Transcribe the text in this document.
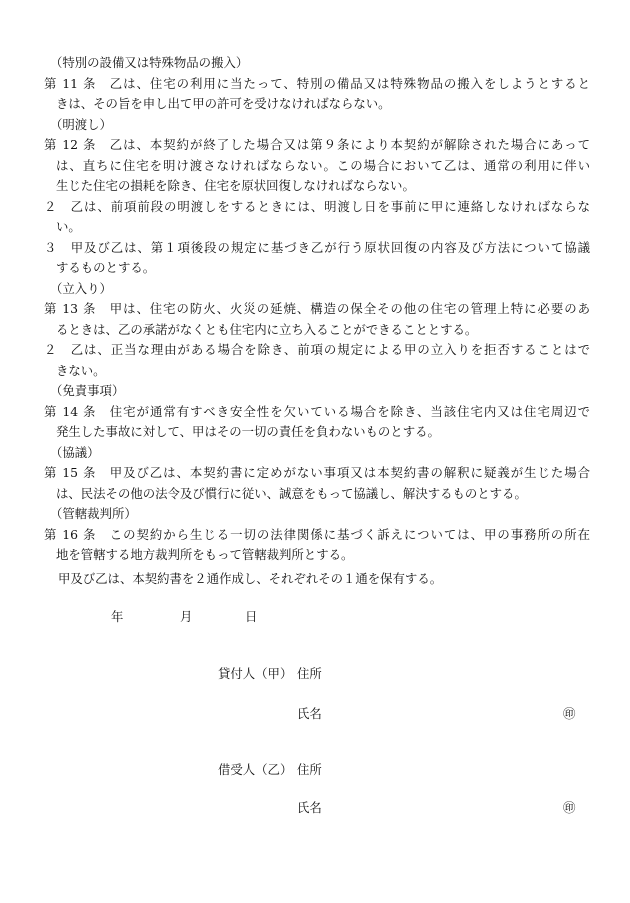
（特別の設備又は特殊物品の搬入）
第 11 条　乙は、住宅の利用に当たって、特別の備品又は特殊物品の搬入をしようとすると
きは、その旨を申し出て甲の許可を受けなければならない。
（明渡し）
第 12 条　乙は、本契約が終了した場合又は第９条により本契約が解除された場合にあって
は、直ちに住宅を明け渡さなければならない。この場合において乙は、通常の利用に伴い
生じた住宅の損耗を除き、住宅を原状回復しなければならない。
２　乙は、前項前段の明渡しをするときには、明渡し日を事前に甲に連絡しなければならな
い。
３　甲及び乙は、第１項後段の規定に基づき乙が行う原状回復の内容及び方法について協議
するものとする。
（立入り）
第 13 条　甲は、住宅の防火、火災の延焼、構造の保全その他の住宅の管理上特に必要のあ
るときは、乙の承諾がなくとも住宅内に立ち入ることができることとする。
２　乙は、正当な理由がある場合を除き、前項の規定による甲の立入りを拒否することはで
きない。
（免責事項）
第 14 条　住宅が通常有すべき安全性を欠いている場合を除き、当該住宅内又は住宅周辺で
発生した事故に対して、甲はその一切の責任を負わないものとする。
（協議）
第 15 条　甲及び乙は、本契約書に定めがない事項又は本契約書の解釈に疑義が生じた場合
は、民法その他の法令及び慣行に従い、誠意をもって協議し、解決するものとする。
（管轄裁判所）
第 16 条　この契約から生じる一切の法律関係に基づく訴えについては、甲の事務所の所在
地を管轄する地方裁判所をもって管轄裁判所とする。
甲及び乙は、本契約書を２通作成し、それぞれその１通を保有する。
年	月	日
貸付人（甲） 住所
氏名	㊞
借受人（乙） 住所
氏名	㊞
